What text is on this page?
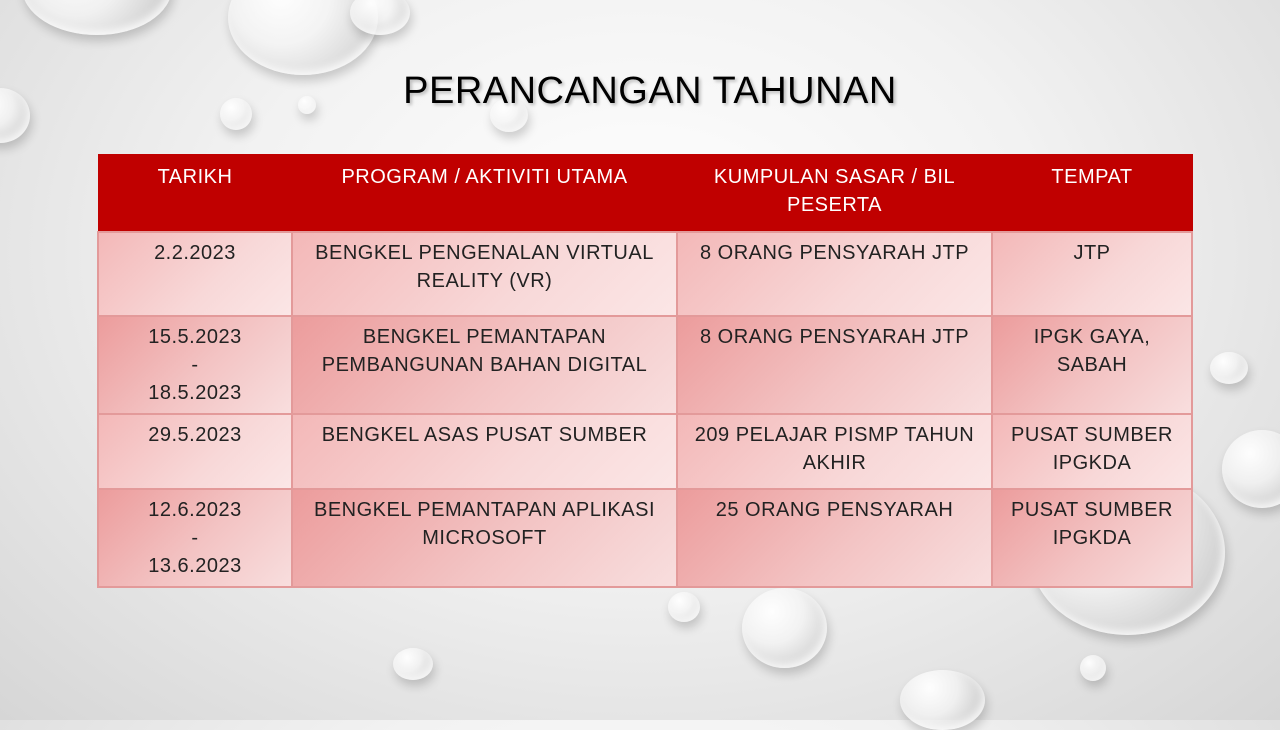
PERANCANGAN TAHUNAN
TARIKH	PROGRAM / AKTIVITI UTAMA	KUMPULAN SASAR / BIL PESERTA	TEMPAT

2.2.2023	BENGKEL PENGENALAN VIRTUAL REALITY (VR)	8 ORANG PENSYARAH JTP	JTP

15.5.2023
-
18.5.2023	BENGKEL PEMANTAPAN PEMBANGUNAN BAHAN DIGITAL	8 ORANG PENSYARAH JTP	IPGK GAYA, SABAH

29.5.2023	BENGKEL ASAS PUSAT SUMBER	209 PELAJAR PISMP TAHUN AKHIR	PUSAT SUMBER IPGKDA

12.6.2023
-
13.6.2023	BENGKEL PEMANTAPAN APLIKASI MICROSOFT	25 ORANG PENSYARAH	PUSAT SUMBER IPGKDA
